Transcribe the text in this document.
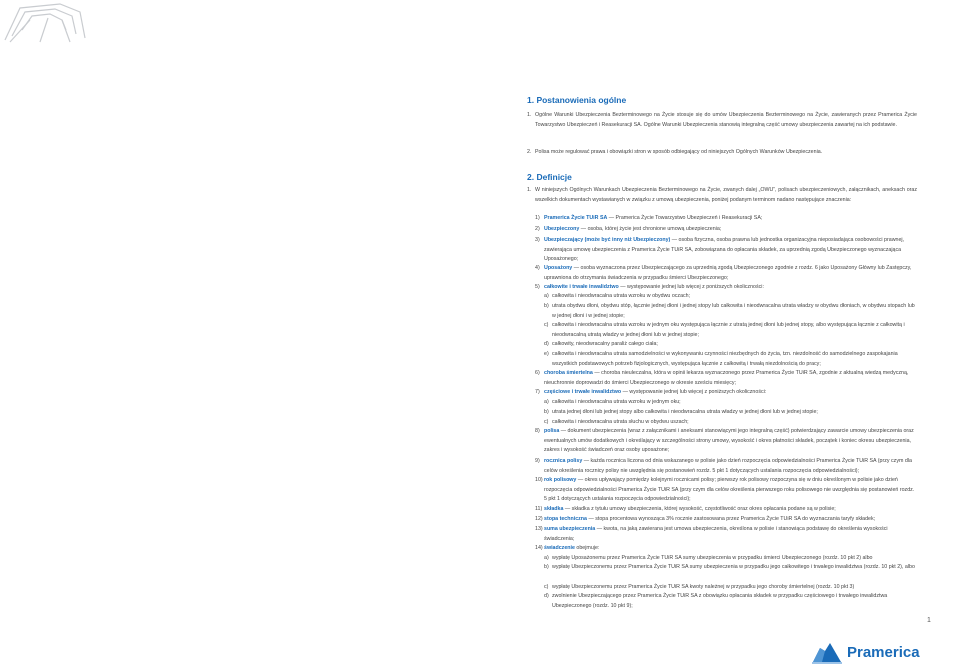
1. Postanowienia ogólne
1. Ogólne Warunki Ubezpieczenia Bezterminowego na Życie stosuje się do umów Ubezpieczenia Bezterminowego na Życie, zawieranych przez Pramerica Życie Towarzystwo Ubezpieczeń i Reasekuracji SA. Ogólne Warunki Ubezpieczenia stanowią integralną część umowy ubezpieczenia zawartej na ich podstawie.
2. Polisa może regulować prawa i obowiązki stron w sposób odbiegający od niniejszych Ogólnych Warunków Ubezpieczenia.
2. Definicje
1. W niniejszych Ogólnych Warunkach Ubezpieczenia Bezterminowego na Życie, zwanych dalej „OWU”, polisach ubezpieczeniowych, załącznikach, aneksach oraz wszelkich dokumentach wystawianych w związku z umową ubezpieczenia, poniżej podanym terminom nadano następujące znaczenia:
1) Pramerica Życie TUiR SA — Pramerica Życie Towarzystwo Ubezpieczeń i Reasekuracji SA;
2) Ubezpieczony — osoba, której życie jest chronione umową ubezpieczenia;
3) Ubezpieczający (może być inny niż Ubezpieczony) — osoba fizyczna, osoba prawna lub jednostka organizacyjna nieposiadająca osobowości prawnej, zawierająca umowę ubezpieczenia z Pramerica Życie TUiR SA, zobowiązana do opłacania składek, za uprzednią zgodą Ubezpieczonego wyznaczająca Uposażonego;
4) Uposażony — osoba wyznaczona przez Ubezpieczającego za uprzednią zgodą Ubezpieczonego zgodnie z rozdz. 6 jako Uposażony Główny lub Zastępczy, uprawniona do otrzymania świadczenia w przypadku śmierci Ubezpieczonego;
5) całkowite i trwałe inwalidztwo — występowanie jednej lub więcej z poniższych okoliczności:
a) całkowita i nieodwracalna utrata wzroku w obydwu oczach;
b) utrata obydwu dłoni, obydwu stóp, łącznie jednej dłoni i jednej stopy lub całkowita i nieodwracalna utrata władzy w obydwu dłoniach, w obydwu stopach lub w jednej dłoni i w jednej stopie;
c) całkowita i nieodwracalna utrata wzroku w jednym oku występująca łącznie z utratą jednej dłoni lub jednej stopy, albo występująca łącznie z całkowitą i nieodwracalną utratą władzy w jednej dłoni lub w jednej stopie;
d) całkowity, nieodwracalny paraliż całego ciała;
e) całkowita i nieodwracalna utrata samodzielności w wykonywaniu czynności niezbędnych do życia, tzn. niezdolność do samodzielnego zaspokajania wszystkich podstawowych potrzeb fizjologicznych, występująca łącznie z całkowitą i trwałą niezdolnością do pracy;
6) choroba śmiertelna — choroba nieuleczalna, która w opinii lekarza wyznaczonego przez Pramerica Życie TUiR SA, zgodnie z aktualną wiedzą medyczną, nieuchronnie doprowadzi do śmierci Ubezpieczonego w okresie sześciu miesięcy;
7) częściowe i trwałe inwalidztwo — występowanie jednej lub więcej z poniższych okoliczności:
a) całkowita i nieodwracalna utrata wzroku w jednym oku;
b) utrata jednej dłoni lub jednej stopy albo całkowita i nieodwracalna utrata władzy w jednej dłoni lub w jednej stopie;
c) całkowita i nieodwracalna utrata słuchu w obydwu uszach;
8) polisa — dokument ubezpieczenia (wraz z załącznikami i aneksami stanowiącymi jego integralną część) potwierdzający zawarcie umowy ubezpieczenia oraz ewentualnych umów dodatkowych i określający w szczególności strony umowy, wysokość i okres płatności składek, początek i koniec okresu ubezpieczenia, zakres i wysokość świadczeń oraz osoby uposażone;
9) rocznica polisy — każda rocznica liczona od dnia wskazanego w polisie jako dzień rozpoczęcia odpowiedzialności Pramerica Życie TUiR SA (przy czym dla celów określenia rocznicy polisy nie uwzględnia się postanowień rozdz. 5 pkt 1 dotyczących ustalania rozpoczęcia odpowiedzialności);
10) rok polisowy — okres upływający pomiędzy kolejnymi rocznicami polisy; pierwszy rok polisowy rozpoczyna się w dniu określonym w polisie jako dzień rozpoczęcia odpowiedzialności Pramerica Życie TUiR SA (przy czym dla celów określenia pierwszego roku polisowego nie uwzględnia się postanowień rozdz. 5 pkt 1 dotyczących ustalania rozpoczęcia odpowiedzialności);
11) składka — składka z tytułu umowy ubezpieczenia, której wysokość, częstotliwość oraz okres opłacania podane są w polisie;
12) stopa techniczna — stopa procentowa wynosząca 3% rocznie zastosowana przez Pramerica Życie TUiR SA do wyznaczania taryfy składek;
13) suma ubezpieczenia — kwota, na jaką zawierana jest umowa ubezpieczenia, określona w polisie i stanowiąca podstawę do określenia wysokości świadczenia;
14) świadczenie obejmuje:
a) wypłatę Uposażonemu przez Pramerica Życie TUiR SA sumy ubezpieczenia w przypadku śmierci Ubezpieczonego (rozdz. 10 pkt 2) albo
b) wypłatę Ubezpieczonemu przez Pramerica Życie TUiR SA sumy ubezpieczenia w przypadku jego całkowitego i trwałego inwalidztwa (rozdz. 10 pkt 2), albo
c) wypłatę Ubezpieczonemu przez Pramerica Życie TUiR SA kwoty należnej w przypadku jego choroby śmiertelnej (rozdz. 10 pkt 3)
d) zwolnienie Ubezpieczającego przez Pramerica Życie TUiR SA z obowiązku opłacania składek w przypadku częściowego i trwałego inwalidztwa Ubezpieczonego (rozdz. 10 pkt 9);
1
Pramerica
